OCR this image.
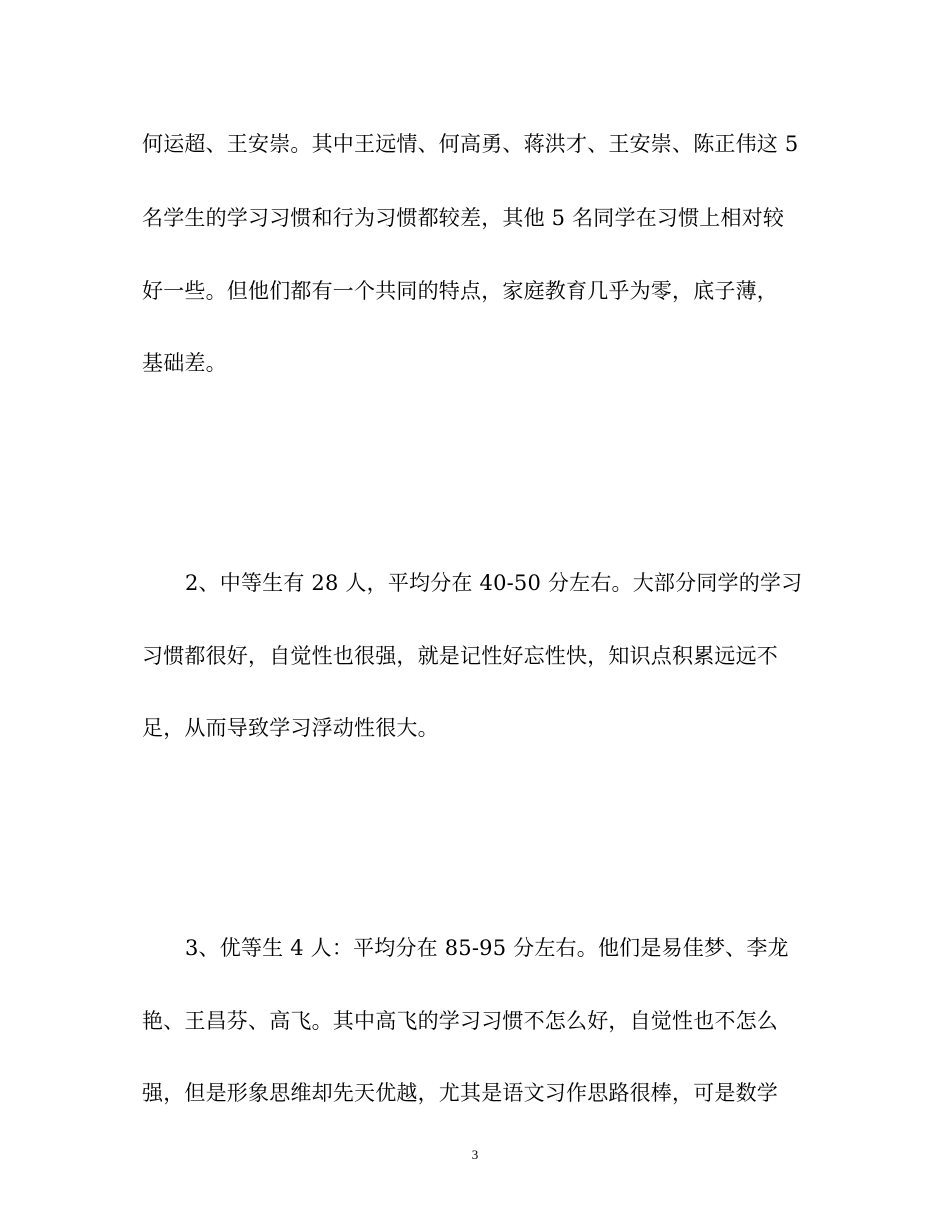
何运超、王安崇。其中王远情、何高勇、蒋洪才、王安崇、陈正伟这 5
名学生的学习习惯和行为习惯都较差，其他 5 名同学在习惯上相对较
好一些。但他们都有一个共同的特点，家庭教育几乎为零，底子薄，
基础差。
2、中等生有 28 人，平均分在 40-50 分左右。大部分同学的学习
习惯都很好，自觉性也很强，就是记性好忘性快，知识点积累远远不
足，从而导致学习浮动性很大。
3、优等生 4 人：平均分在 85-95 分左右。他们是易佳梦、李龙
艳、王昌芬、高飞。其中高飞的学习习惯不怎么好，自觉性也不怎么
强，但是形象思维却先天优越，尤其是语文习作思路很棒，可是数学
3
